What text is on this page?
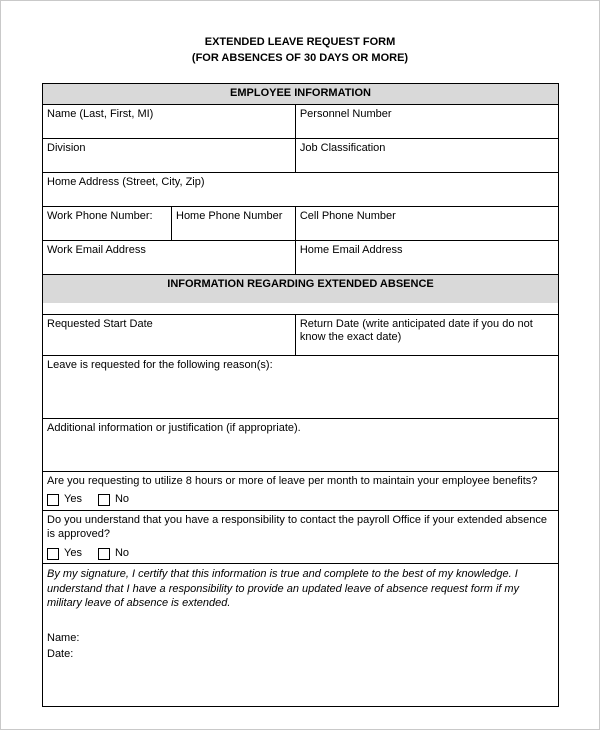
EXTENDED LEAVE REQUEST FORM
(FOR ABSENCES OF 30 DAYS OR MORE)
EMPLOYEE INFORMATION		
Name (Last, First, MI)		Personnel Number
Division		Job Classification
Home Address (Street, City, Zip)		
Work Phone Number:	Home Phone Number	Cell Phone Number
Work Email Address		Home Email Address
INFORMATION REGARDING EXTENDED ABSENCE		

Requested Start Date		Return Date (write anticipated date if you do not know the exact date)
Leave is requested for the following reason(s):		
Additional information or justification (if appropriate).		

Are you requesting to utilize 8 hours or more of leave per month to maintain your employee benefits?
Yes No		

Do you understand that you have a responsibility to contact the payroll Office if your extended absence is approved?
Yes No		

By my signature, I certify that this information is true and complete to the best of my knowledge. I understand that I have a responsibility to provide an updated leave of absence request form if my military leave of absence is extended.
Name:
Date:		
